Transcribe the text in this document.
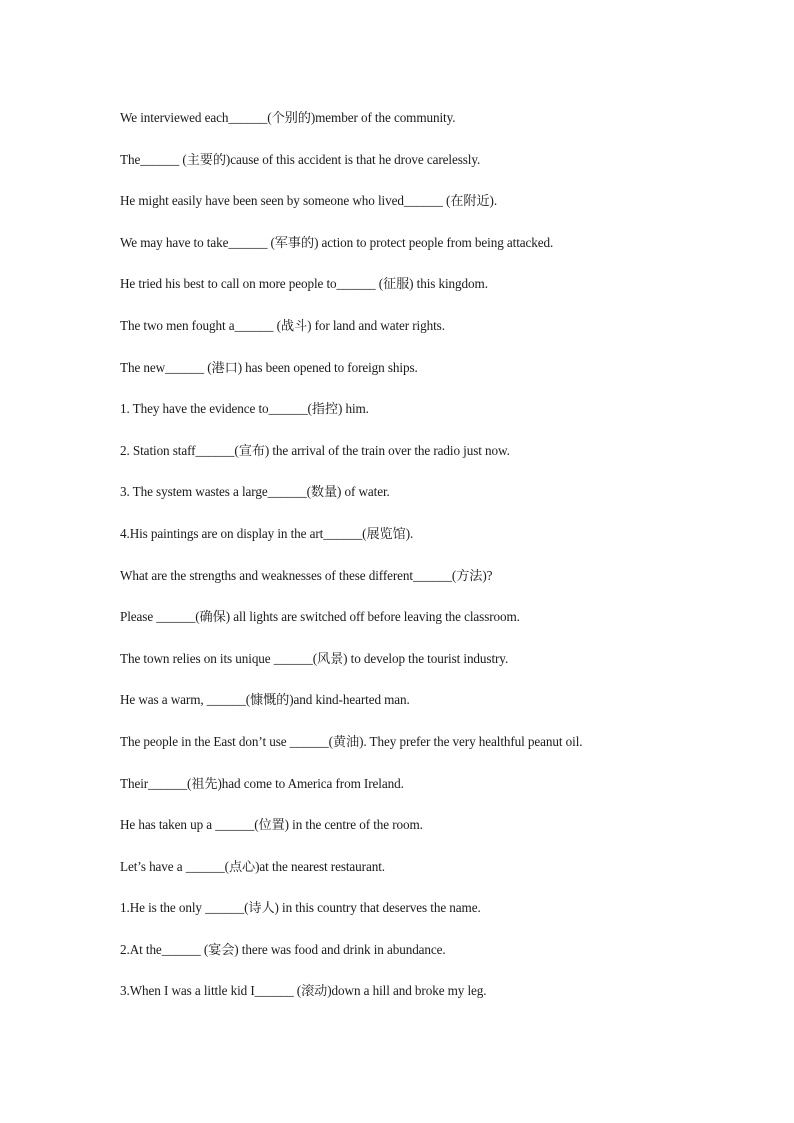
We interviewed each______(个别的)member of the community.
The______ (主要的)cause of this accident is that he drove carelessly.
He might easily have been seen by someone who lived______ (在附近).
We may have to take______ (军事的) action to protect people from being attacked.
He tried his best to call on more people to______ (征服) this kingdom.
The two men fought a______ (战斗) for land and water rights.
The new______ (港口) has been opened to foreign ships.
1. They have the evidence to______(指控) him.
2. Station staff______(宣布) the arrival of the train over the radio just now.
3. The system wastes a large______(数量) of water.
4.His paintings are on display in the art______(展览馆).
What are the strengths and weaknesses of these different______(方法)?
Please ______(确保) all lights are switched off before leaving the classroom.
The town relies on its unique ______(风景) to develop the tourist industry.
He was a warm, ______(慷慨的)and kind-hearted man.
The people in the East don’t use ______(黄油). They prefer the very healthful peanut oil.
Their______(祖先)had come to America from Ireland.
He has taken up a ______(位置) in the centre of the room.
Let’s have a ______(点心)at the nearest restaurant.
1.He is the only ______(诗人) in this country that deserves the name.
2.At the______ (宴会) there was food and drink in abundance.
3.When I was a little kid I______ (滚动)down a hill and broke my leg.
